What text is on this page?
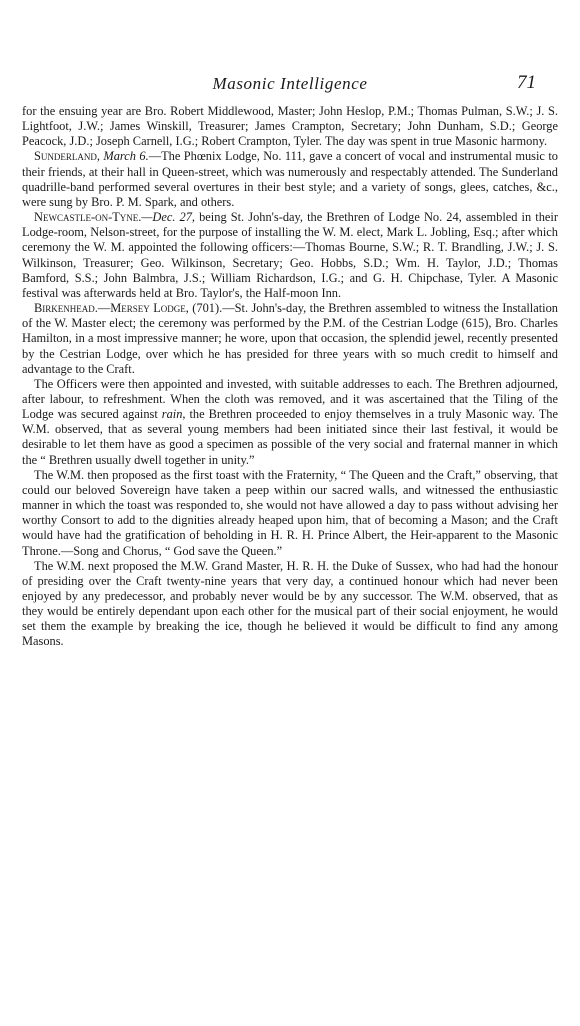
Masonic Intelligence	71

for the ensuing year are Bro. Robert Middlewood, Master; John Heslop, P.M.; Thomas Pulman, S.W.; J. S. Lightfoot, J.W.; James Winskill, Treasurer; James Crampton, Secretary; John Dunham, S.D.; George Peacock, J.D.; Joseph Carnell, I.G.; Robert Crampton, Tyler. The day was spent in true Masonic harmony.

Sunderland, March 6.—The Phœnix Lodge, No. 111, gave a concert of vocal and instrumental music to their friends, at their hall in Queen-street, which was numerously and respectably attended. The Sunderland quadrille-band performed several overtures in their best style; and a variety of songs, glees, catches, &c., were sung by Bro. P. M. Spark, and others.

Newcastle-on-Tyne.—Dec. 27, being St. John's-day, the Brethren of Lodge No. 24, assembled in their Lodge-room, Nelson-street, for the purpose of installing the W. M. elect, Mark L. Jobling, Esq.; after which ceremony the W. M. appointed the following officers:—Thomas Bourne, S.W.; R. T. Brandling, J.W.; J. S. Wilkinson, Treasurer; Geo. Wilkinson, Secretary; Geo. Hobbs, S.D.; Wm. H. Taylor, J.D.; Thomas Bamford, S.S.; John Balmbra, J.S.; William Richardson, I.G.; and G. H. Chipchase, Tyler. A Masonic festival was afterwards held at Bro. Taylor's, the Half-moon Inn.

Birkenhead.—Mersey Lodge, (701).—St. John's-day, the Brethren assembled to witness the Installation of the W. Master elect; the ceremony was performed by the P.M. of the Cestrian Lodge (615), Bro. Charles Hamilton, in a most impressive manner; he wore, upon that occasion, the splendid jewel, recently presented by the Cestrian Lodge, over which he has presided for three years with so much credit to himself and advantage to the Craft.

The Officers were then appointed and invested, with suitable addresses to each. The Brethren adjourned, after labour, to refreshment. When the cloth was removed, and it was ascertained that the Tiling of the Lodge was secured against rain, the Brethren proceeded to enjoy themselves in a truly Masonic way. The W.M. observed, that as several young members had been initiated since their last festival, it would be desirable to let them have as good a specimen as possible of the very social and fraternal manner in which the “ Brethren usually dwell together in unity.”

The W.M. then proposed as the first toast with the Fraternity, “ The Queen and the Craft,” observing, that could our beloved Sovereign have taken a peep within our sacred walls, and witnessed the enthusiastic manner in which the toast was responded to, she would not have allowed a day to pass without advising her worthy Consort to add to the dignities already heaped upon him, that of becoming a Mason; and the Craft would have had the gratification of beholding in H. R. H. Prince Albert, the Heir-apparent to the Masonic Throne.—Song and Chorus, “ God save the Queen.”

The W.M. next proposed the M.W. Grand Master, H. R. H. the Duke of Sussex, who had had the honour of presiding over the Craft twenty-nine years that very day, a continued honour which had never been enjoyed by any predecessor, and probably never would be by any successor. The W.M. observed, that as they would be entirely dependant upon each other for the musical part of their social enjoyment, he would set them the example by breaking the ice, though he believed it would be difficult to find any among Masons.
